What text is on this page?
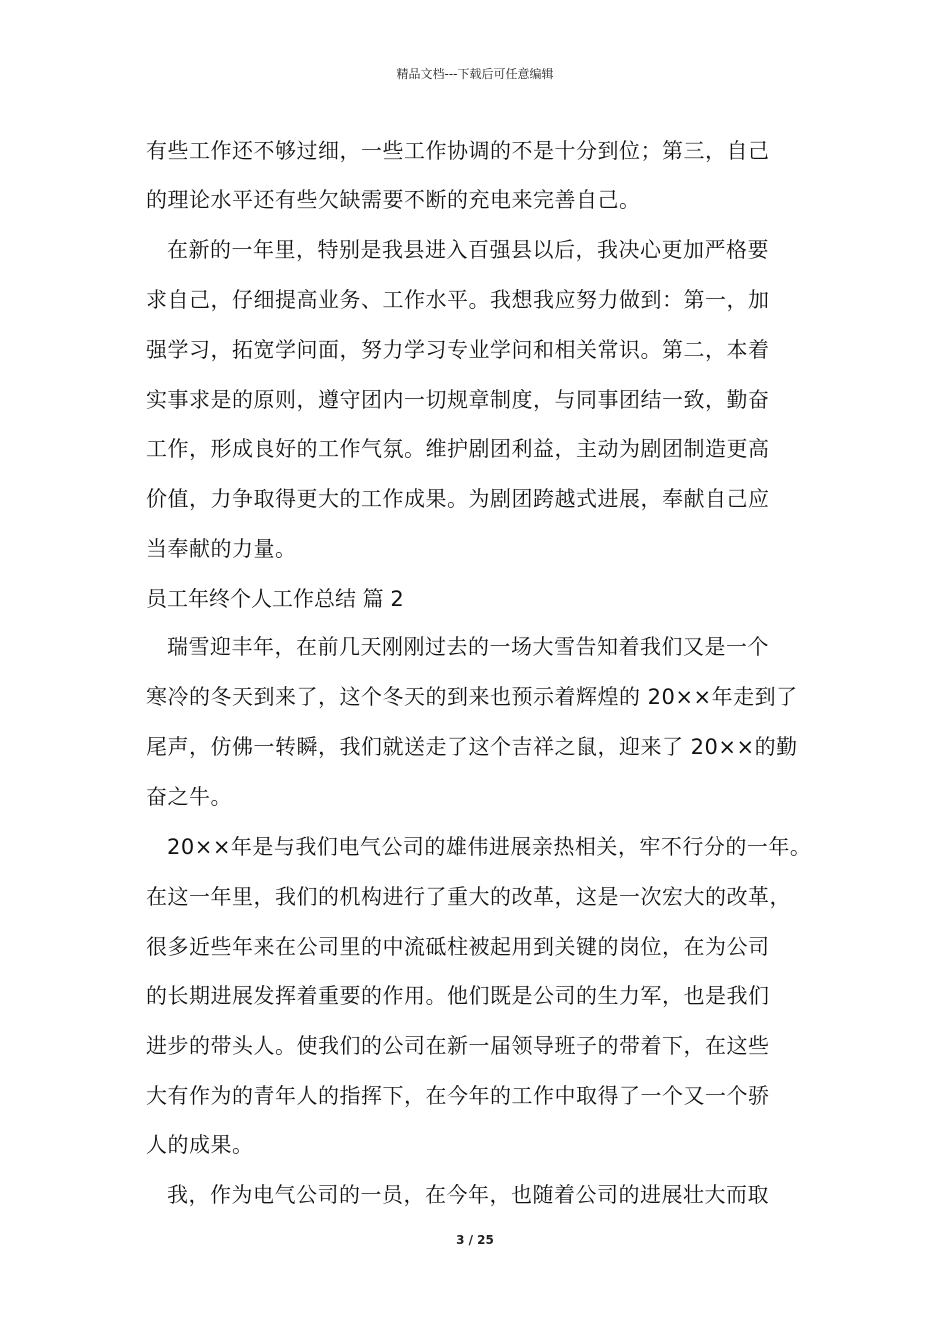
精品文档---下载后可任意编辑
有些工作还不够过细，一些工作协调的不是十分到位；第三，自己
的理论水平还有些欠缺需要不断的充电来完善自己。
在新的一年里，特别是我县进入百强县以后，我决心更加严格要
求自己，仔细提高业务、工作水平。我想我应努力做到：第一，加
强学习，拓宽学问面，努力学习专业学问和相关常识。第二，本着
实事求是的原则，遵守团内一切规章制度，与同事团结一致，勤奋
工作，形成良好的工作气氛。维护剧团利益，主动为剧团制造更高
价值，力争取得更大的工作成果。为剧团跨越式进展，奉献自己应
当奉献的力量。
员工年终个人工作总结 篇 2
瑞雪迎丰年，在前几天刚刚过去的一场大雪告知着我们又是一个
寒冷的冬天到来了，这个冬天的到来也预示着辉煌的 20××年走到了
尾声，仿佛一转瞬，我们就送走了这个吉祥之鼠，迎来了 20××的勤
奋之牛。
20××年是与我们电气公司的雄伟进展亲热相关，牢不行分的一年。
在这一年里，我们的机构进行了重大的改革，这是一次宏大的改革，
很多近些年来在公司里的中流砥柱被起用到关键的岗位，在为公司
的长期进展发挥着重要的作用。他们既是公司的生力军，也是我们
进步的带头人。使我们的公司在新一届领导班子的带着下，在这些
大有作为的青年人的指挥下，在今年的工作中取得了一个又一个骄
人的成果。
我，作为电气公司的一员，在今年，也随着公司的进展壮大而取
3 / 25
